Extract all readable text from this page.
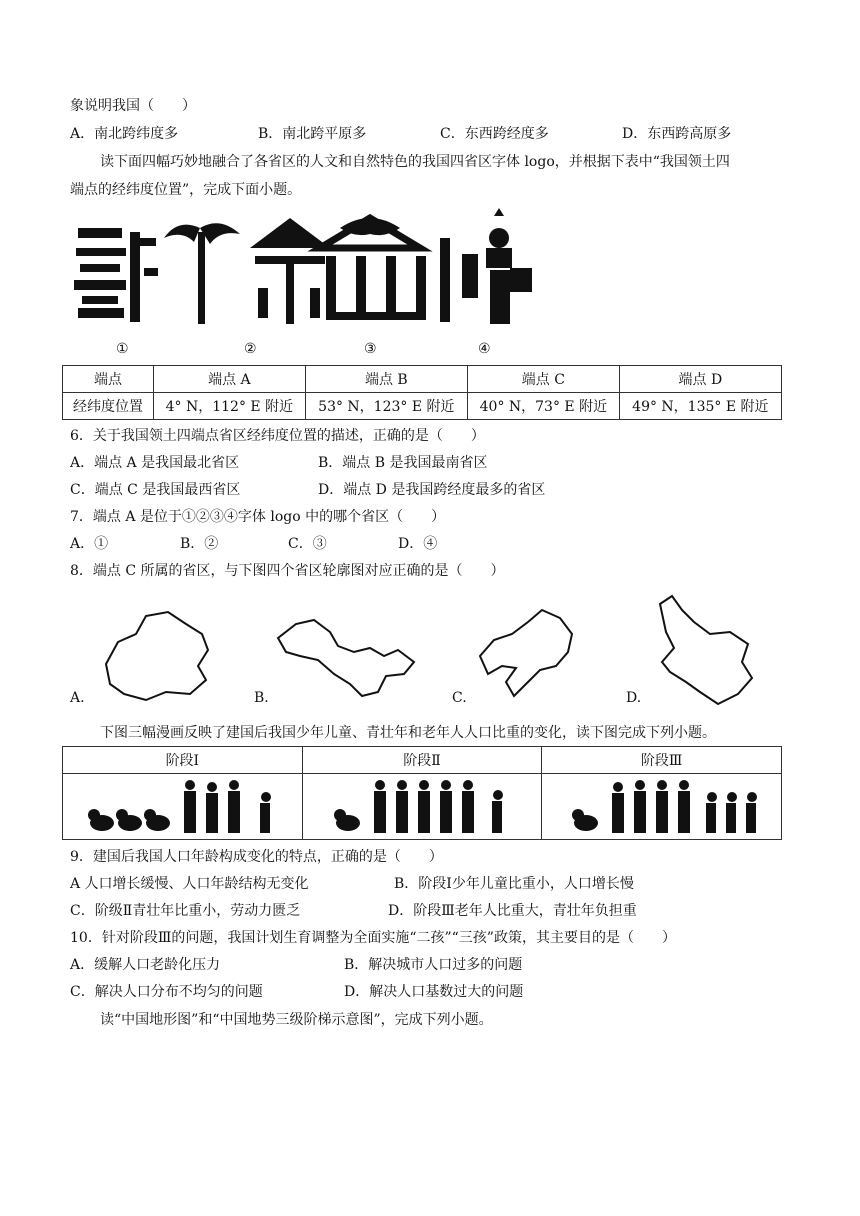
象说明我国（　　）
A．南北跨纬度多	B．南北跨平原多	C．东西跨经度多	D．东西跨高原多
读下面四幅巧妙地融合了各省区的人文和自然特色的我国四省区字体 logo，并根据下表中“我国领土四
端点的经纬度位置”，完成下面小题。
①	②	③	④
端点	端点 A	端点 B	端点 C	端点 D
经纬度位置	4° N，112° E 附近	53° N，123° E 附近	40° N，73° E 附近	49° N，135° E 附近
6．关于我国领土四端点省区经纬度位置的描述，正确的是（　　）
A．端点 A 是我国最北省区	B．端点 B 是我国最南省区
C．端点 C 是我国最西省区	D．端点 D 是我国跨经度最多的省区
7．端点 A 是位于①②③④字体 logo 中的哪个省区（　　）
A．①	B．②	C．③	D．④
8．端点 C 所属的省区，与下图四个省区轮廓图对应正确的是（　　）
A.	B.	C.	D.
下图三幅漫画反映了建国后我国少年儿童、青壮年和老年人人口比重的变化，读下图完成下列小题。
阶段Ⅰ	阶段Ⅱ	阶段Ⅲ

9．建国后我国人口年龄构成变化的特点，正确的是（　　）
A 人口增长缓慢、人口年龄结构无变化	B．阶段Ⅰ少年儿童比重小，人口增长慢
C．阶级Ⅱ青壮年比重小，劳动力匮乏	D．阶段Ⅲ老年人比重大，青壮年负担重
10．针对阶段Ⅲ的问题，我国计划生育调整为全面实施“二孩”“三孩”政策，其主要目的是（　　）
A．缓解人口老龄化压力	B．解决城市人口过多的问题
C．解决人口分布不均匀的问题	D．解决人口基数过大的问题
读“中国地形图”和“中国地势三级阶梯示意图”，完成下列小题。
